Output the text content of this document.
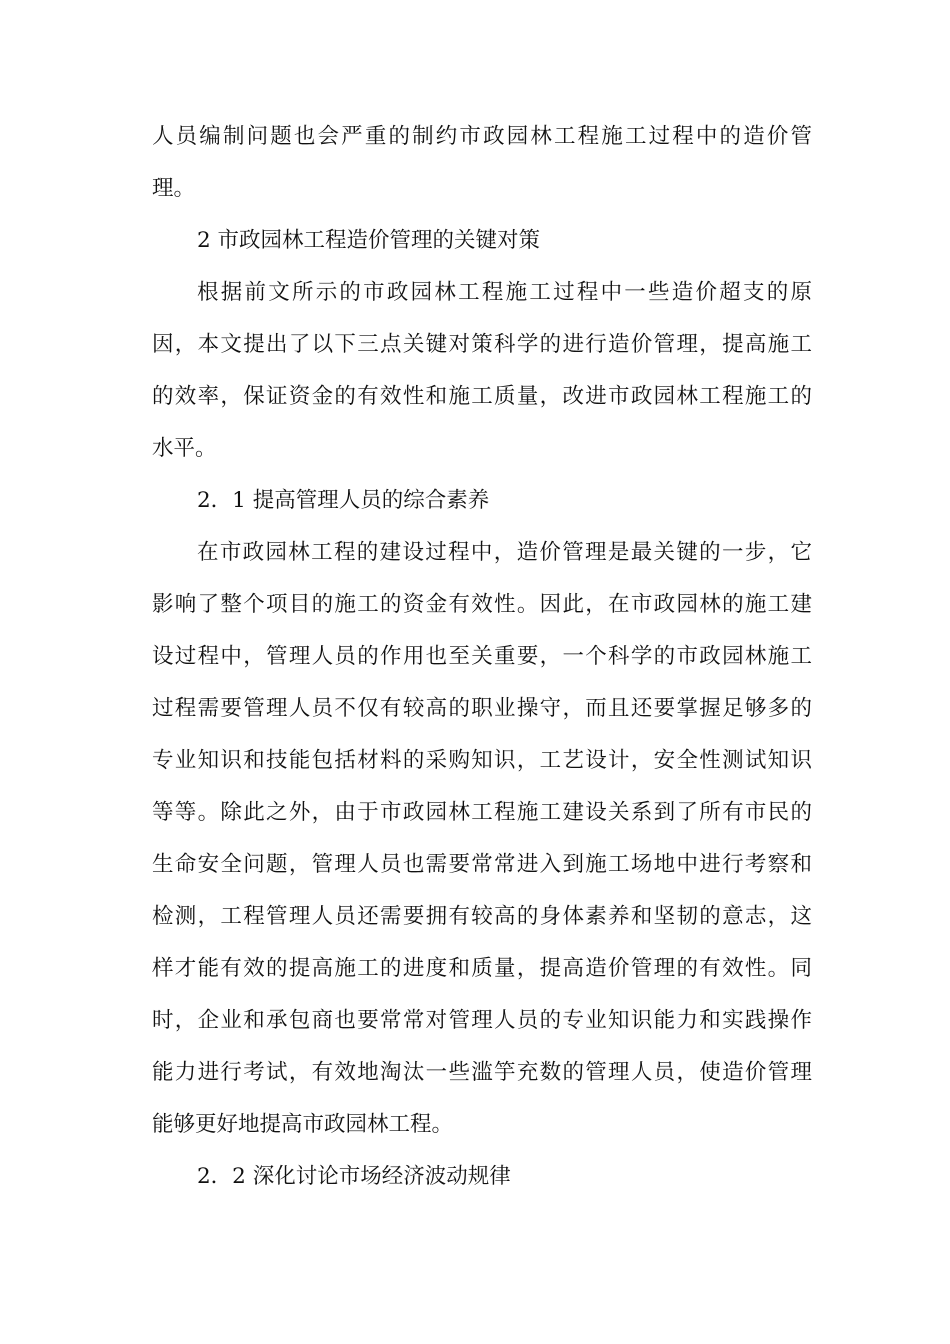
人员编制问题也会严重的制约市政园林工程施工过程中的造价管
理。
2 市政园林工程造价管理的关键对策
根据前文所示的市政园林工程施工过程中一些造价超支的原
因，本文提出了以下三点关键对策科学的进行造价管理，提高施工
的效率，保证资金的有效性和施工质量，改进市政园林工程施工的
水平。
2．1 提高管理人员的综合素养
在市政园林工程的建设过程中，造价管理是最关键的一步，它
影响了整个项目的施工的资金有效性。因此，在市政园林的施工建
设过程中，管理人员的作用也至关重要，一个科学的市政园林施工
过程需要管理人员不仅有较高的职业操守，而且还要掌握足够多的
专业知识和技能包括材料的采购知识，工艺设计，安全性测试知识
等等。除此之外，由于市政园林工程施工建设关系到了所有市民的
生命安全问题，管理人员也需要常常进入到施工场地中进行考察和
检测，工程管理人员还需要拥有较高的身体素养和坚韧的意志，这
样才能有效的提高施工的进度和质量，提高造价管理的有效性。同
时，企业和承包商也要常常对管理人员的专业知识能力和实践操作
能力进行考试，有效地淘汰一些滥竽充数的管理人员，使造价管理
能够更好地提高市政园林工程。
2．2 深化讨论市场经济波动规律
